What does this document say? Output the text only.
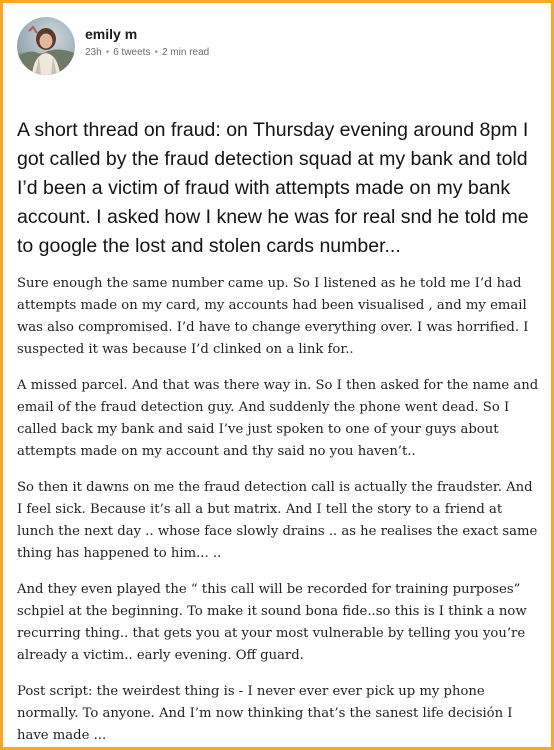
emily m
23h • 6 tweets • 2 min read

A short thread on fraud: on Thursday evening around 8pm I got called by the fraud detection squad at my bank and told I’d been a victim of fraud with attempts made on my bank account. I asked how I knew he was for real snd he told me to google the lost and stolen cards number...

Sure enough the same number came up. So I listened as he told me I’d had attempts made on my card, my accounts had been visualised , and my email was also compromised. I’d have to change everything over. I was horrified. I suspected it was because I’d clinked on a link for..

A missed parcel. And that was there way in. So I then asked for the name and email of the fraud detection guy. And suddenly the phone went dead. So I called back my bank and said I’ve just spoken to one of your guys about attempts made on my account and thy said no you haven’t..

So then it dawns on me the fraud detection call is actually the fraudster. And I feel sick. Because it’s all a but matrix. And I tell the story to a friend at lunch the next day .. whose face slowly drains .. as he realises the exact same thing has happened to him... ..

And they even played the “ this call will be recorded for training purposes” schpiel at the beginning. To make it sound bona fide..so this is I think a now recurring thing.. that gets you at your most vulnerable by telling you you’re already a victim.. early evening. Off guard.

Post script: the weirdest thing is - I never ever ever pick up my phone normally. To anyone. And I’m now thinking that’s the sanest life decisión I have made ...
